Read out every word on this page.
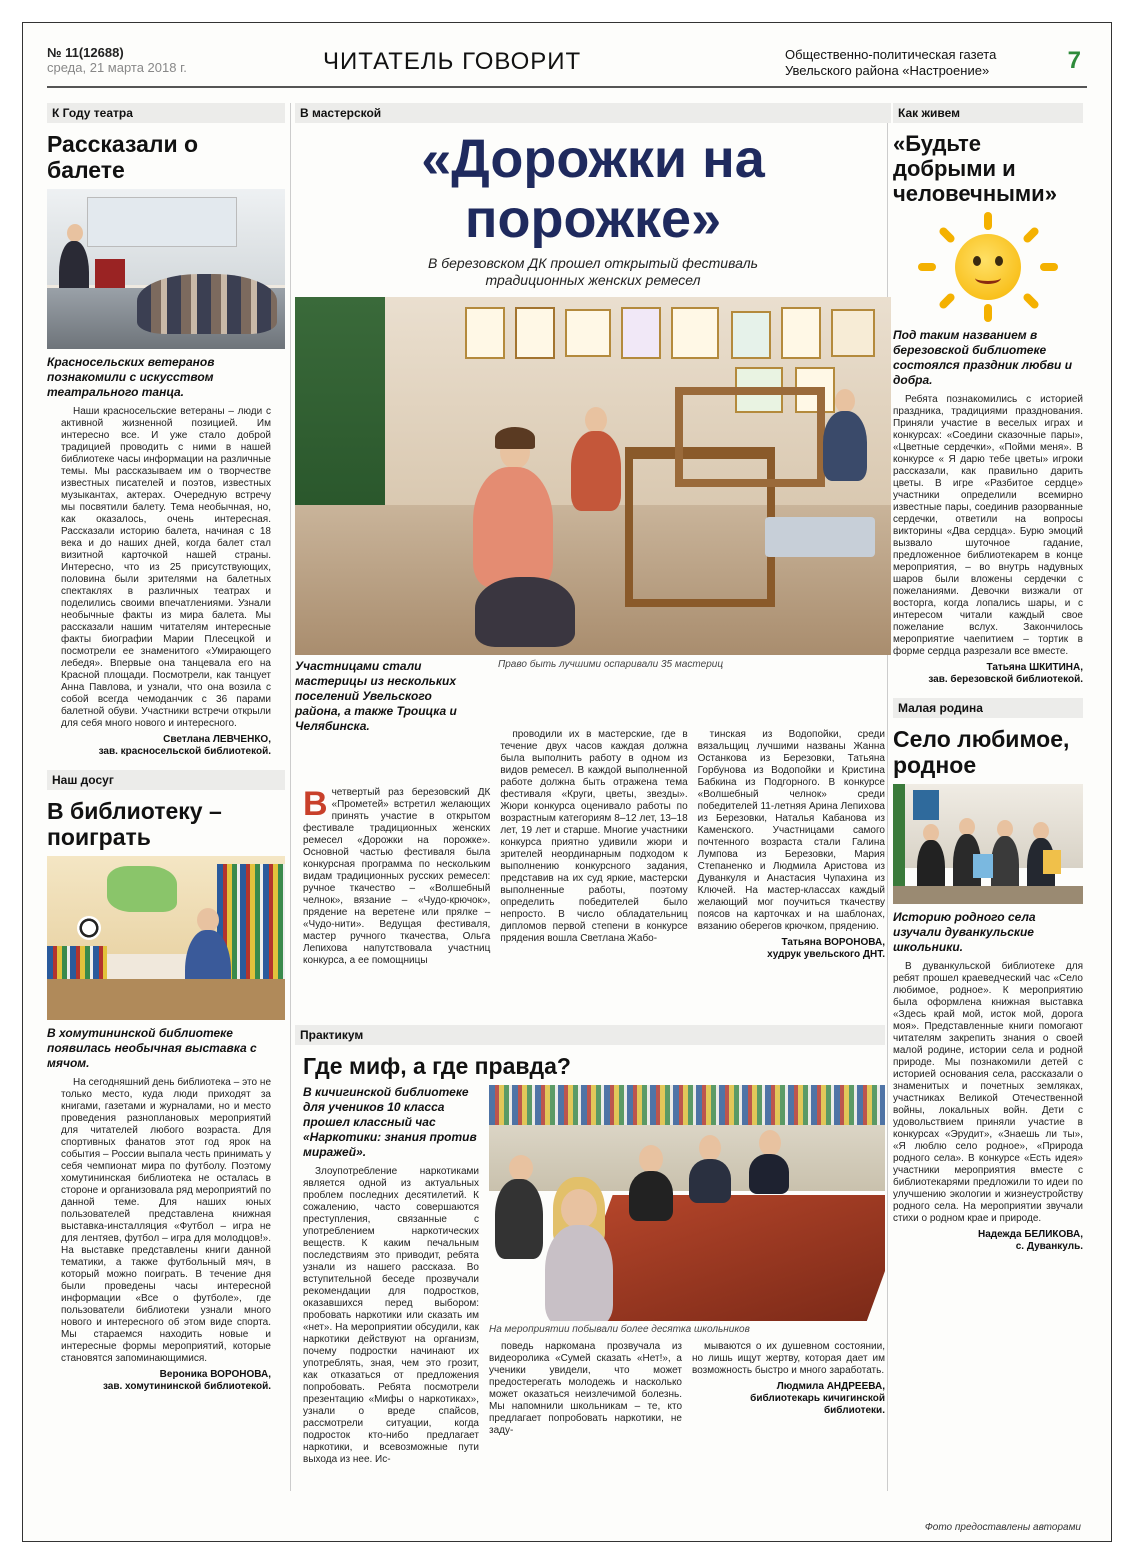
№ 11(12688)
среда, 21 марта 2018 г.	ЧИТАТЕЛЬ ГОВОРИТ	Общественно-политическая газета
Увельского района «Настроение»	7
К Году театра
Рассказали о балете
Красносельских ветеранов познакомили с искусством театрального танца.
Наши красносельские ветераны – люди с активной жизненной позицией. Им интересно все. И уже стало доброй традицией проводить с ними в нашей библиотеке часы информации на различные темы. Мы рассказываем им о творчестве известных писателей и поэтов, известных музыкантах, актерах. Очередную встречу мы посвятили балету. Тема необычная, но, как оказалось, очень интересная. Рассказали историю балета, начиная с 18 века и до наших дней, когда балет стал визитной карточкой нашей страны. Интересно, что из 25 присутствующих, половина были зрителями на балетных спектаклях в различных театрах и поделились своими впечатлениями. Узнали необычные факты из мира балета. Мы рассказали нашим читателям интересные факты биографии Марии Плесецкой и посмотрели ее знаменитого «Умирающего лебедя». Впервые она танцевала его на Красной площади. Посмотрели, как танцует Анна Павлова, и узнали, что она возила с собой всегда чемоданчик с 36 парами балетной обуви. Участники встречи открыли для себя много нового и интересного.
Светлана ЛЕВЧЕНКО,
зав. красносельской библиотекой.
Наш досуг
В библиотеку – поиграть
В хомутининской библиотеке появилась необычная выставка с мячом.
На сегодняшний день библиотека – это не только место, куда люди приходят за книгами, газетами и журналами, но и место проведения разноплановых мероприятий для читателей любого возраста. Для спортивных фанатов этот год ярок на события – России выпала честь принимать у себя чемпионат мира по футболу. Поэтому хомутининская библиотека не осталась в стороне и организовала ряд мероприятий по данной теме. Для наших юных пользователей представлена книжная выставка-инсталляция «Футбол – игра не для лентяев, футбол – игра для молодцов!». На выставке представлены книги данной тематики, а также футбольный мяч, в который можно поиграть. В течение дня были проведены часы интересной информации «Все о футболе», где пользователи библиотеки узнали много нового и интересного об этом виде спорта. Мы стараемся находить новые и интересные формы мероприятий, которые становятся запоминающимися.
Вероника ВОРОНОВА,
зав. хомутининской библиотекой.
В мастерской
«Дорожки на порожке»
В березовском ДК прошел открытый фестиваль традиционных женских ремесел
Участницами стали мастерицы из нескольких поселений Увельского района, а также Троицка и Челябинска.
Право быть лучшими оспаривали 35 мастериц
В четвертый раз березовский ДК «Прометей» встретил желающих принять участие в открытом фестивале традиционных женских ремесел «Дорожки на порожке». Основной частью фестиваля была конкурсная программа по нескольким видам традиционных русских ремесел: ручное ткачество – «Волшебный челнок», вязание – «Чудо-крючок», прядение на веретене или прялке – «Чудо-нити». Ведущая фестиваля, мастер ручного ткачества, Ольга Лепихова напутствовала участниц конкурса, а ее помощницы
проводили их в мастерские, где в течение двух часов каждая должна была выполнить работу в одном из видов ремесел. В каждой выполненной работе должна быть отражена тема фестиваля «Круги, цветы, звезды». Жюри конкурса оценивало работы по возрастным категориям 8–12 лет, 13–18 лет, 19 лет и старше. Многие участники конкурса приятно удивили жюри и зрителей неординарным подходом к выполнению конкурсного задания, представив на их суд яркие, мастерски выполненные работы, поэтому определить победителей было непросто. В число обладательниц дипломов первой степени в конкурсе прядения вошла Светлана Жабо-
тинская из Водопойки, среди вязальщиц лучшими названы Жанна Останкова из Березовки, Татьяна Горбунова из Водопойки и Кристина Бабкина из Подгорного. В конкурсе «Волшебный челнок» среди победителей 11-летняя Арина Лепихова из Березовки, Наталья Кабанова из Каменского. Участницами самого почтенного возраста стали Галина Лумпова из Березовки, Мария Степаненко и Людмила Аристова из Дуванкуля и Анастасия Чупахина из Ключей. На мастер-классах каждый желающий мог поучиться ткачеству поясов на карточках и на шаблонах, вязанию оберегов крючком, прядению.
Татьяна ВОРОНОВА,
худрук увельского ДНТ.
Практикум
Где миф, а где правда?
В кичигинской библиотеке для учеников 10 класса прошел классный час «Наркотики: знания против миражей».
Злоупотребление наркотиками является одной из актуальных проблем последних десятилетий. К сожалению, часто совершаются преступления, связанные с употреблением наркотических веществ. К каким печальным последствиям это приводит, ребята узнали из нашего рассказа. Во вступительной беседе прозвучали рекомендации для подростков, оказавшихся перед выбором: пробовать наркотики или сказать им «нет». На мероприятии обсудили, как наркотики действуют на организм, почему подростки начинают их употреблять, зная, чем это грозит, как отказаться от предложения попробовать. Ребята посмотрели презентацию «Мифы о наркотиках», узнали о вреде спайсов, рассмотрели ситуации, когда подросток кто-нибо предлагает наркотики, и всевозможные пути выхода из нее. Ис-
На мероприятии побывали более десятка школьников
поведь наркомана прозвучала из видеоролика «Сумей сказать «Нет!», а ученики увидели, что может предостерегать молодежь и насколько может оказаться неизлечимой болезнь. Мы напомнили школьникам – те, кто предлагает попробовать наркотики, не заду-
мываются о их душевном состоянии, но лишь ищут жертву, которая дает им возможность быстро и много заработать.
Людмила АНДРЕЕВА,
библиотекарь кичигинской библиотеки.
Как живем
«Будьте добрыми и человечными»
Под таким названием в березовской библиотеке состоялся праздник любви и добра.
Ребята познакомились с историей праздника, традициями празднования. Приняли участие в веселых играх и конкурсах: «Соедини сказочные пары», «Цветные сердечки», «Пойми меня». В конкурсе « Я дарю тебе цветы» игроки рассказали, как правильно дарить цветы. В игре «Разбитое сердце» участники определили всемирно известные пары, соединив разорванные сердечки, ответили на вопросы викторины «Два сердца». Бурю эмоций вызвало шуточное гадание, предложенное библиотекарем в конце мероприятия, – во внутрь надувных шаров были вложены сердечки с пожеланиями. Девочки визжали от восторга, когда лопались шары, и с интересом читали каждый свое пожелание вслух. Закончилось мероприятие чаепитием – тортик в форме сердца разрезали все вместе.
Татьяна ШКИТИНА,
зав. березовской библиотекой.
Малая родина
Село любимое, родное
Историю родного села изучали дуванкульские школьники.
В дуванкульской библиотеке для ребят прошел краеведческий час «Село любимое, родное». К мероприятию была оформлена книжная выставка «Здесь край мой, исток мой, дорога моя». Представленные книги помогают читателям закрепить знания о своей малой родине, истории села и родной природе. Мы познакомили детей с историей основания села, рассказали о знаменитых и почетных земляках, участниках Великой Отечественной войны, локальных войн. Дети с удовольствием приняли участие в конкурсах «Эрудит», «Знаешь ли ты», «Я люблю село родное», «Природа родного села». В конкурсе «Есть идея» участники мероприятия вместе с библиотекарями предложили то идеи по улучшению экологии и жизнеустройству родного села. На мероприятии звучали стихи о родном крае и природе.
Надежда БЕЛИКОВА,
с. Дуванкуль.
Фото предоставлены авторами
